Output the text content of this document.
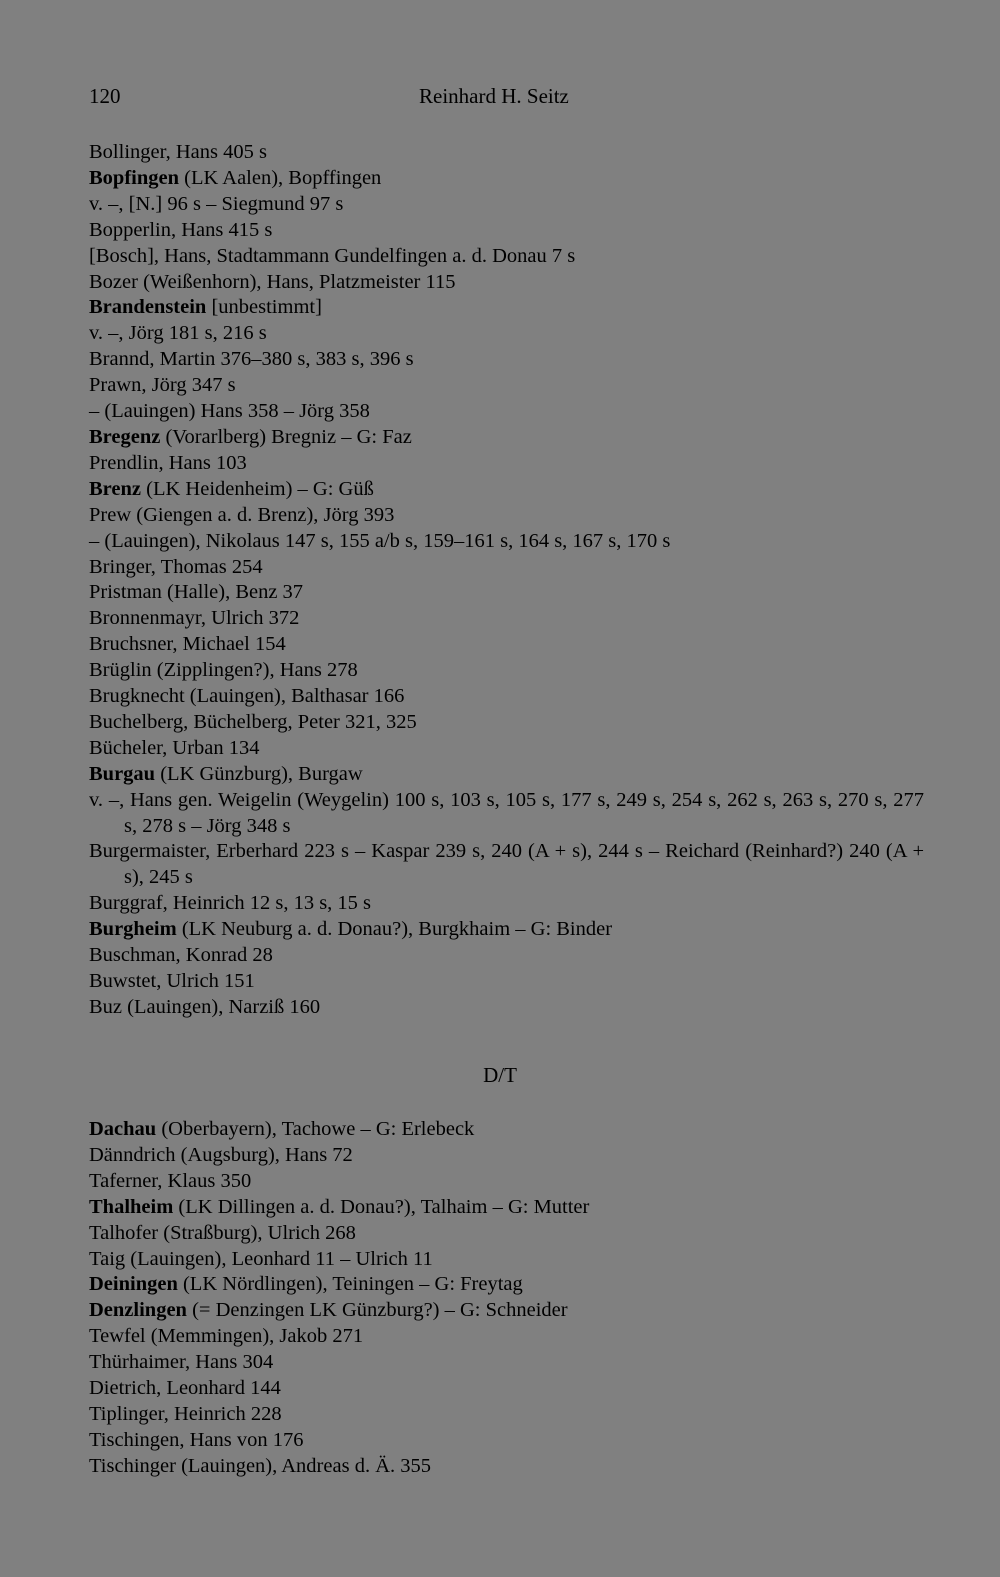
120	Reinhard H. Seitz
Bollinger, Hans 405 s
Bopfingen (LK Aalen), Bopffingen
v. –, [N.] 96 s – Siegmund 97 s
Bopperlin, Hans 415 s
[Bosch], Hans, Stadtammann Gundelfingen a. d. Donau 7 s
Bozer (Weißenhorn), Hans, Platzmeister 115
Brandenstein [unbestimmt]
v. –, Jörg 181 s, 216 s
Brannd, Martin 376–380 s, 383 s, 396 s
Prawn, Jörg 347 s
– (Lauingen) Hans 358 – Jörg 358
Bregenz (Vorarlberg) Bregniz – G: Faz
Prendlin, Hans 103
Brenz (LK Heidenheim) – G: Güß
Prew (Giengen a. d. Brenz), Jörg 393
– (Lauingen), Nikolaus 147 s, 155 a/b s, 159–161 s, 164 s, 167 s, 170 s
Bringer, Thomas 254
Pristman (Halle), Benz 37
Bronnenmayr, Ulrich 372
Bruchsner, Michael 154
Brüglin (Zipplingen?), Hans 278
Brugknecht (Lauingen), Balthasar 166
Buchelberg, Büchelberg, Peter 321, 325
Bücheler, Urban 134
Burgau (LK Günzburg), Burgaw
v. –, Hans gen. Weigelin (Weygelin) 100 s, 103 s, 105 s, 177 s, 249 s, 254 s, 262 s, 263 s, 270 s, 277 s, 278 s – Jörg 348 s
Burgermaister, Erberhard 223 s – Kaspar 239 s, 240 (A + s), 244 s – Reichard (Reinhard?) 240 (A + s), 245 s
Burggraf, Heinrich 12 s, 13 s, 15 s
Burgheim (LK Neuburg a. d. Donau?), Burgkhaim – G: Binder
Buschman, Konrad 28
Buwstet, Ulrich 151
Buz (Lauingen), Narziß 160
D/T
Dachau (Oberbayern), Tachowe – G: Erlebeck
Dänndrich (Augsburg), Hans 72
Taferner, Klaus 350
Thalheim (LK Dillingen a. d. Donau?), Talhaim – G: Mutter
Talhofer (Straßburg), Ulrich 268
Taig (Lauingen), Leonhard 11 – Ulrich 11
Deiningen (LK Nördlingen), Teiningen – G: Freytag
Denzlingen (= Denzingen LK Günzburg?) – G: Schneider
Tewfel (Memmingen), Jakob 271
Thürhaimer, Hans 304
Dietrich, Leonhard 144
Tiplinger, Heinrich 228
Tischingen, Hans von 176
Tischinger (Lauingen), Andreas d. Ä. 355
